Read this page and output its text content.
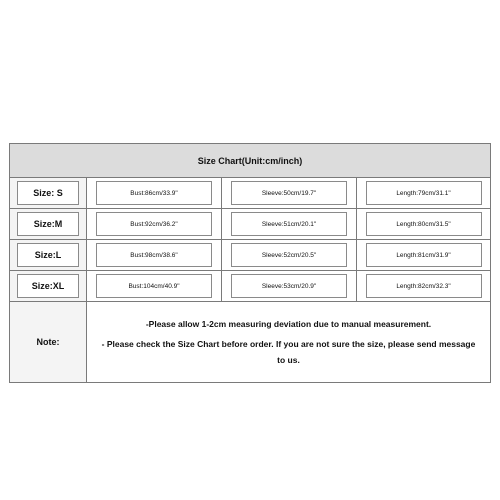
Size Chart(Unit:cm/inch)			

Size: S	Bust:86cm/33.9"	Sleeve:50cm/19.7"	Length:79cm/31.1"

Size:M	Bust:92cm/36.2"	Sleeve:51cm/20.1"	Length:80cm/31.5"

Size:L	Bust:98cm/38.6"	Sleeve:52cm/20.5"	Length:81cm/31.9"

Size:XL	Bust:104cm/40.9"	Sleeve:53cm/20.9"	Length:82cm/32.3"

Note:	-Please allow 1-2cm measuring deviation due to manual measurement.

- Please check the Size Chart before order. If you are not sure the size, please send message to us.		
